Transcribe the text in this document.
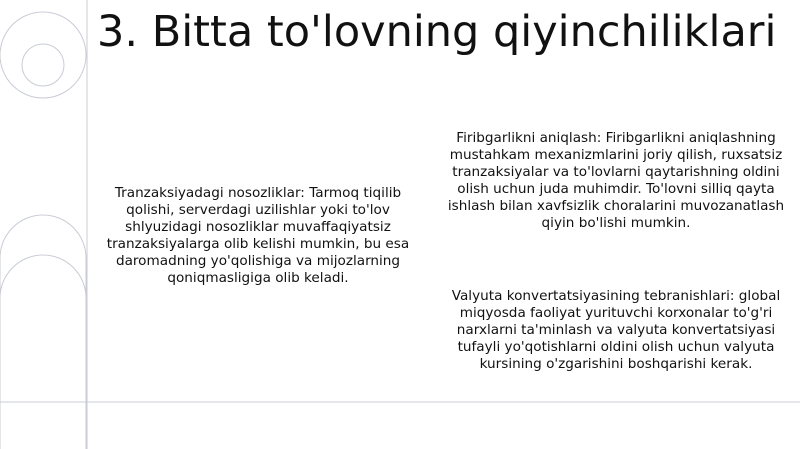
3. Bitta to'lovning qiyinchiliklari
Tranzaksiyadagi nosozliklar: Tarmoq tiqilib qolishi, serverdagi uzilishlar yoki to'lov shlyuzidagi nosozliklar muvaffaqiyatsiz tranzaksiyalarga olib kelishi mumkin, bu esa daromadning yo'qolishiga va mijozlarning qoniqmasligiga olib keladi.
Firibgarlikni aniqlash: Firibgarlikni aniqlashning mustahkam mexanizmlarini joriy qilish, ruxsatsiz tranzaksiyalar va to'lovlarni qaytarishning oldini olish uchun juda muhimdir. To'lovni silliq qayta ishlash bilan xavfsizlik choralarini muvozanatlash qiyin bo'lishi mumkin.
Valyuta konvertatsiyasining tebranishlari: global miqyosda faoliyat yurituvchi korxonalar to'g'ri narxlarni ta'minlash va valyuta konvertatsiyasi tufayli yo'qotishlarni oldini olish uchun valyuta kursining o'zgarishini boshqarishi kerak.
